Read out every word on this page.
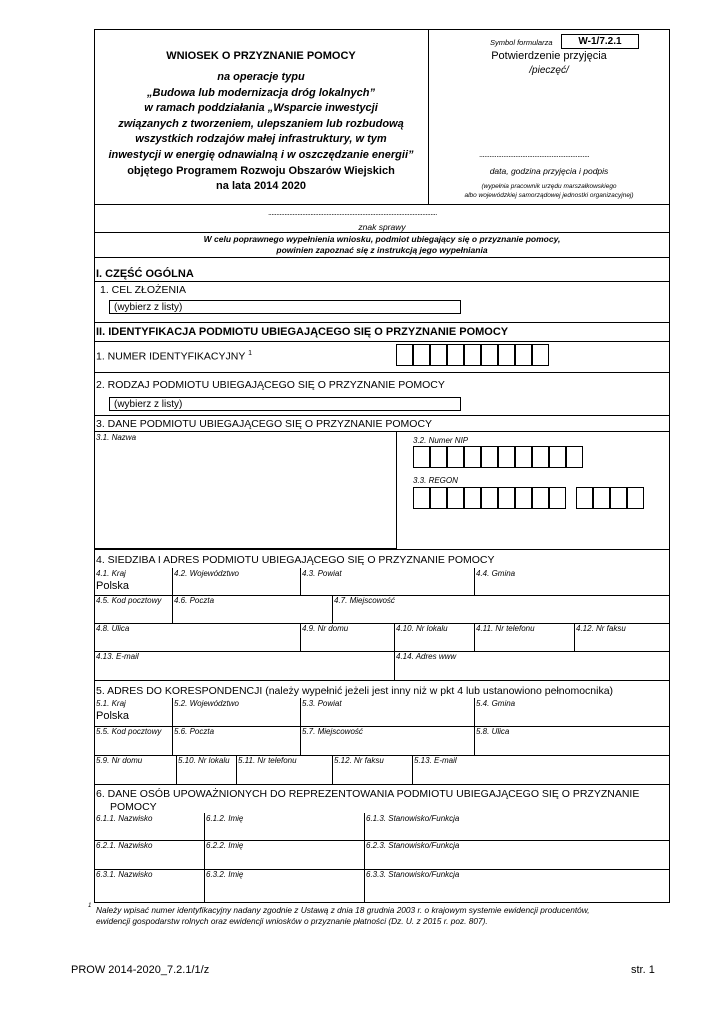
WNIOSEK O PRZYZNANIE POMOCY
na operacje typu
„Budowa lub modernizacja dróg lokalnych”
w ramach poddziałania „Wsparcie inwestycji
związanych z tworzeniem, ulepszaniem lub rozbudową
wszystkich rodzajów małej infrastruktury, w tym
inwestycji w energię odnawialną i w oszczędzanie energii”
objętego Programem Rozwoju Obszarów Wiejskich
na lata 2014 2020
Symbol formularza	W-1/7.2.1
Potwierdzenie przyjęcia
/pieczęć/
................................................................
data, godzina przyjęcia i podpis
(wypełnia pracownik urzędu marszałkowskiego
albo wojewódzkiej samorządowej jednostki organizacyjnej)
........................................................................................................
znak sprawy
W celu poprawnego wypełnienia wniosku, podmiot ubiegający się o przyznanie pomocy,
powinien zapoznać się z instrukcją jego wypełniania
I. CZĘŚĆ OGÓLNA
1. CEL ZŁOŻENIA
(wybierz z listy)
II. IDENTYFIKACJA PODMIOTU UBIEGAJĄCEGO SIĘ O PRZYZNANIE POMOCY
1. NUMER IDENTYFIKACYJNY $^1$
2. RODZAJ PODMIOTU UBIEGAJĄCEGO SIĘ O PRZYZNANIE POMOCY
(wybierz z listy)
3. DANE PODMIOTU UBIEGAJĄCEGO SIĘ O PRZYZNANIE POMOCY
3.1. Nazwa	3.2. Numer NIP
3.3. REGON
4. SIEDZIBA I ADRES PODMIOTU UBIEGAJĄCEGO SIĘ O PRZYZNANIE POMOCY
4.1. Kraj
Polska
4.2. Województwo	4.3. Powiat	4.4. Gmina
4.5. Kod pocztowy 4.6. Poczta	4.7. Miejscowość
4.8. Ulica	4.9. Nr domu	4.10. Nr lokalu	4.11. Nr telefonu	4.12. Nr faksu
4.13. E-mail	4.14. Adres www
5. ADRES DO KORESPONDENCJI (należy wypełnić jeżeli jest inny niż w pkt 4 lub ustanowiono pełnomocnika)
5.1. Kraj
Polska
5.2. Województwo	5.3. Powiat	5.4. Gmina
5.5. Kod pocztowy 5.6. Poczta	5.7. Miejscowość	5.8. Ulica
5.9. Nr domu	5.10. Nr lokalu 5.11. Nr telefonu	5.12. Nr faksu	5.13. E-mail
6. DANE OSÓB UPOWAŻNIONYCH DO REPREZENTOWANIA PODMIOTU UBIEGAJĄCEGO SIĘ O PRZYZNANIE
POMOCY
6.1.1. Nazwisko	6.1.2. Imię	6.1.3. Stanowisko/Funkcja
6.2.1. Nazwisko	6.2.2. Imię	6.2.3. Stanowisko/Funkcja
6.3.1. Nazwisko	6.3.2. Imię	6.3.3. Stanowisko/Funkcja
1 Należy wpisać numer identyfikacyjny nadany zgodnie z Ustawą z dnia 18 grudnia 2003 r. o krajowym systemie ewidencji producentów,
ewidencji gospodarstw rolnych oraz ewidencji wniosków o przyznanie płatności (Dz. U. z 2015 r. poz. 807).
PROW 2014-2020_7.2.1/1/z	str. 1
